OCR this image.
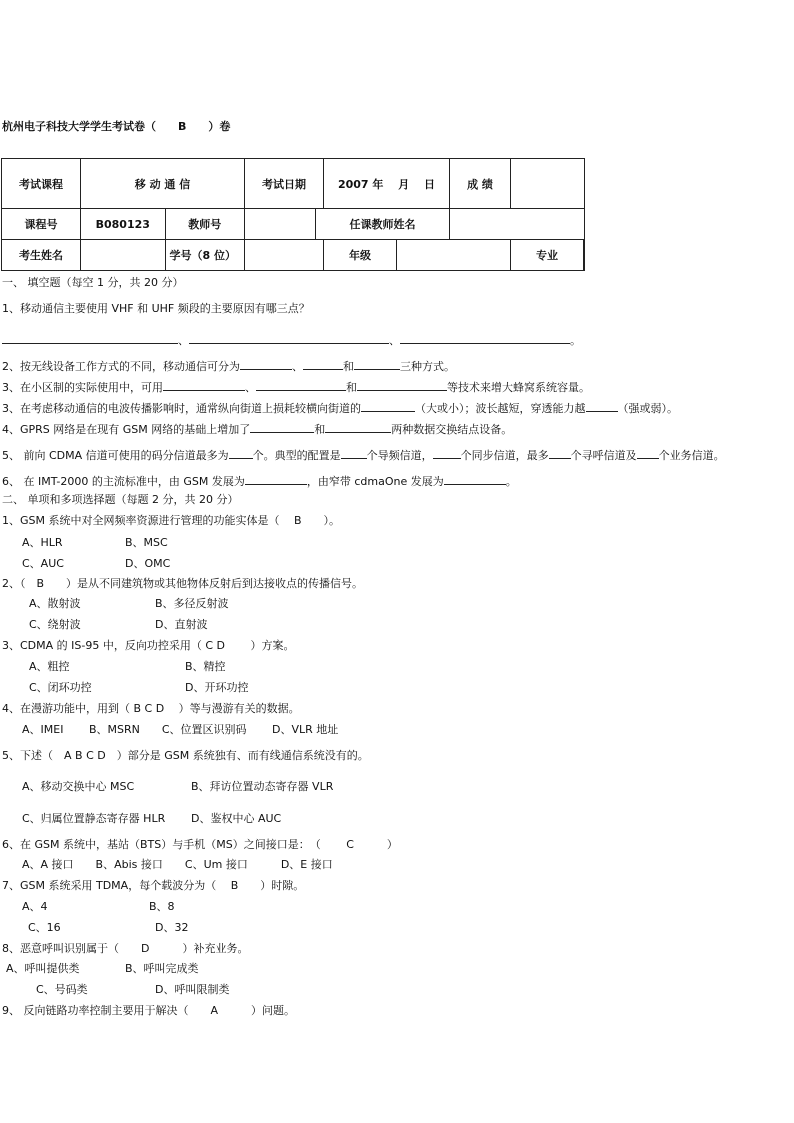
杭州电子科技大学学生考试卷（　　B　　）卷
考试课程	移 动 通 信		考试日期		2007 年　 月　 日		成 绩		
课程号	B080123	教师号		任课教师姓名					
考生姓名		学号（8 位）			年级			专业	
一、 填空题（每空 1 分，共 20 分）
1、移动通信主要使用 VHF 和 UHF 频段的主要原因有哪三点？
、	、	。
2、按无线设备工作方式的不同，移动通信可分为	、	和	三种方式。
3、在小区制的实际使用中，可用	、	和	等技术来增大蜂窝系统容量。
3、在考虑移动通信的电波传播影响时，通常纵向街道上损耗较横向街道的	（大或小）；波长越短，穿透能力越	（强或弱）。
4、GPRS 网络是在现有 GSM 网络的基础上增加了	和	两种数据交换结点设备。
5、 前向 CDMA 信道可使用的码分信道最多为 个。典型的配置是 个导频信道，	个同步信道，最多 个寻呼信道及 个业务信道。
6、 在 IMT-2000 的主流标准中，由 GSM 发展为	，由窄带 cdmaOne 发展为	。
二、 单项和多项选择题（每题 2 分，共 20 分）
1、GSM 系统中对全网频率资源进行管理的功能实体是（　 B　　）。
A、HLR	B、MSC
C、AUC	D、OMC
2、（　B　　）是从不同建筑物或其他物体反射后到达接收点的传播信号。
A、散射波	B、多径反射波
C、绕射波	D、直射波
3、CDMA 的 IS-95 中，反向功控采用（ C D　　 ）方案。
A、粗控	B、精控
C、闭环功控	D、开环功控
4、在漫游功能中，用到（ B C D　 ）等与漫游有关的数据。
A、IMEI　　 B、MSRN　　C、位置区识别码　　 D、VLR 地址
5、下述（　A B C D　）部分是 GSM 系统独有、而有线通信系统没有的。
A、移动交换中心 MSC	B、拜访位置动态寄存器 VLR
C、归属位置静态寄存器 HLR D、鉴权中心 AUC
6、在 GSM 系统中，基站（BTS）与手机（MS）之间接口是：　（　　 C　　　）
A、A 接口　　B、Abis 接口　　C、Um 接口　　　D、E 接口
7、GSM 系统采用 TDMA，每个载波分为（　 B　　）时隙。
A、4	B、8
C、16	D、32
8、恶意呼叫识别属于（　　D　　　）补充业务。
A、呼叫提供类	B、呼叫完成类
C、号码类	D、呼叫限制类
9、 反向链路功率控制主要用于解决（　　A　　　）问题。
